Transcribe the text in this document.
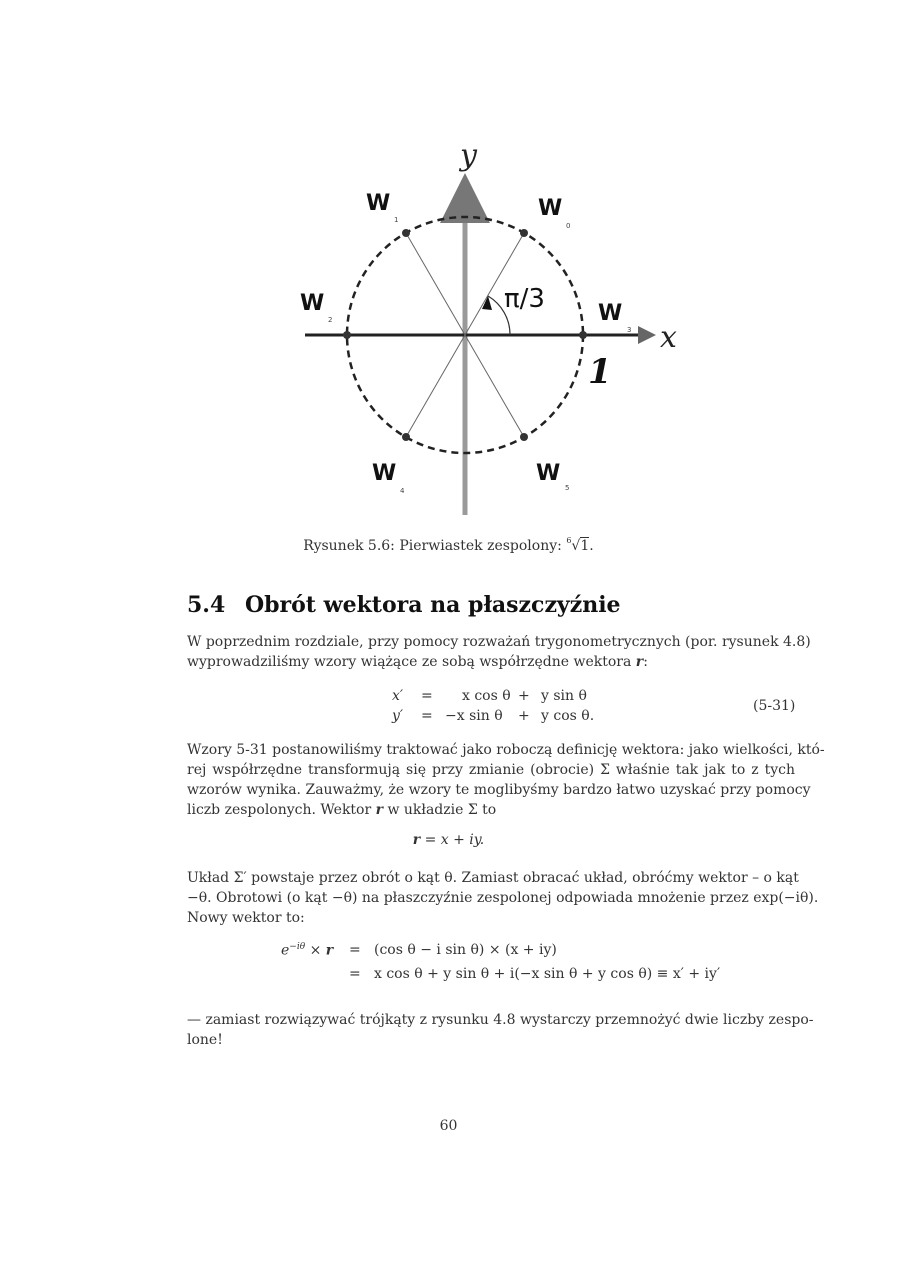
y
x
π/3
1
W
0
W
1
W
2	W
3
W
4
W
5
Rysunek 5.6: Pierwiastek zespolony: $^6$√1.
5.4 Obrót wektora na płaszczyźnie
W poprzednim rozdziale, przy pomocy rozważań trygonometrycznych (por. rysunek 4.8)
wyprowadziliśmy wzory wiążące ze sobą współrzędne wektora r:
x′ = x cos θ + y sin θ
y′ = −x sin θ + y cos θ.
(5-31)
Wzory 5-31 postanowiliśmy traktować jako roboczą definicję wektora: jako wielkości, któ-
rej współrzędne transformują się przy zmianie (obrocie) Σ właśnie tak jak to z tych
wzorów wynika. Zauważmy, że wzory te moglibyśmy bardzo łatwo uzyskać przy pomocy
liczb zespolonych. Wektor r w układzie Σ to
r = x + iy.
Układ Σ′ powstaje przez obrót o kąt θ. Zamiast obracać układ, obróćmy wektor – o kąt
−θ. Obrotowi (o kąt −θ) na płaszczyźnie zespolonej odpowiada mnożenie przez exp(−iθ).
Nowy wektor to:
$e^{-i\theta} \times r = (\cos$ θ − i sin θ) × (x + iy)
= x cos θ + y sin θ + i(−x sin θ + y cos θ) ≡ x′ + iy′
— zamiast rozwiązywać trójkąty z rysunku 4.8 wystarczy przemnożyć dwie liczby zespo-
lone!
60
